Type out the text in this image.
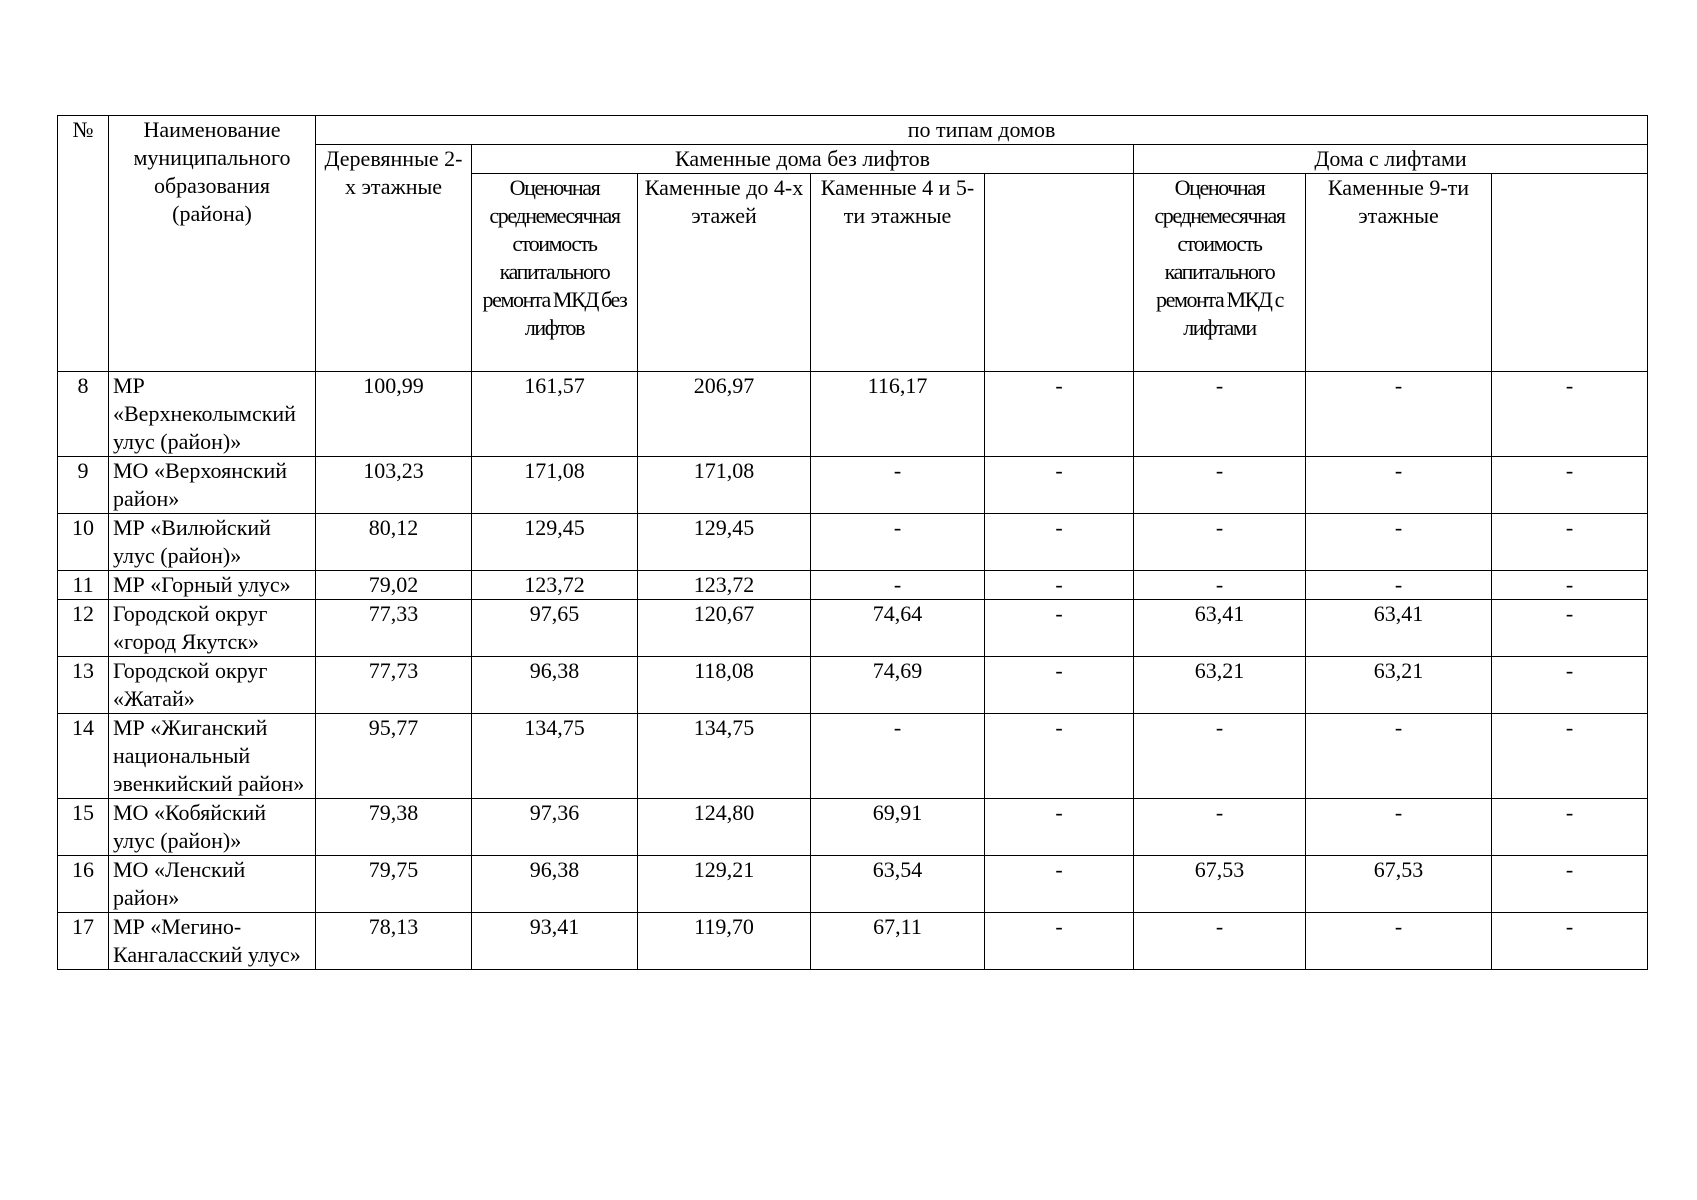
№	Наименование муниципального образования (района)	по типам домов							
		Деревянные 2-х этажные	Каменные дома без лифтов				Дома с лифтами		
			Оценочная среднемесячная стоимость капитального ремонта МКД без лифтов	Каменные до 4-х этажей	Каменные 4 и 5-ти этажные		Оценочная среднемесячная стоимость капитального ремонта МКД с лифтами	Каменные 9-ти этажные	
8	МР «Верхнеколымский улус (район)»	100,99	161,57	206,97	116,17	-	-	-	-
9	МО «Верхоянский район»	103,23	171,08	171,08	-	-	-	-	-
10	МР «Вилюйский улус (район)»	80,12	129,45	129,45	-	-	-	-	-
11	МР «Горный улус»	79,02	123,72	123,72	-	-	-	-	-
12	Городской округ «город Якутск»	77,33	97,65	120,67	74,64	-	63,41	63,41	-
13	Городской округ «Жатай»	77,73	96,38	118,08	74,69	-	63,21	63,21	-
14	МР «Жиганский национальный эвенкийский район»	95,77	134,75	134,75	-	-	-	-	-
15	МО «Кобяйский улус (район)»	79,38	97,36	124,80	69,91	-	-	-	-
16	МО «Ленский район»	79,75	96,38	129,21	63,54	-	67,53	67,53	-
17	МР «Мегино-Кангаласский улус»	78,13	93,41	119,70	67,11	-	-	-	-
